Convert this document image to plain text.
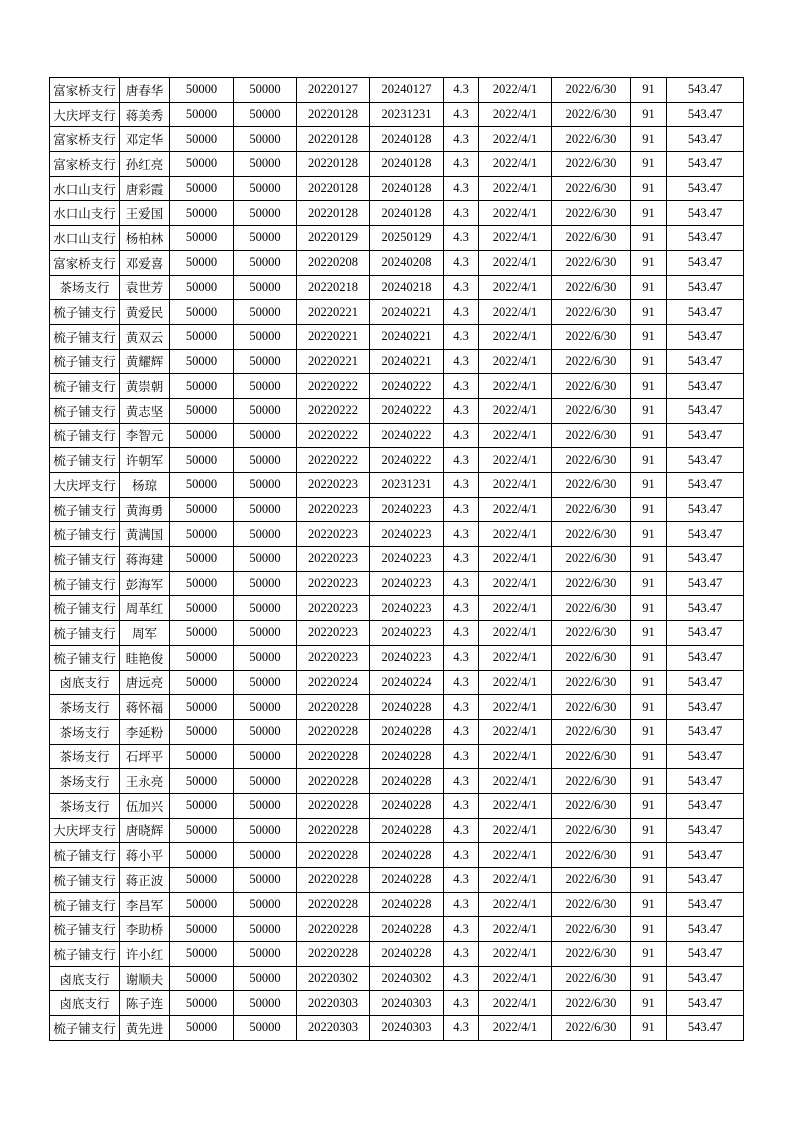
富家桥支行	唐春华	50000	50000	20220127	20240127	4.3	2022/4/1	2022/6/30	91	543.47
大庆坪支行	蒋美秀	50000	50000	20220128	20231231	4.3	2022/4/1	2022/6/30	91	543.47
富家桥支行	邓定华	50000	50000	20220128	20240128	4.3	2022/4/1	2022/6/30	91	543.47
富家桥支行	孙红亮	50000	50000	20220128	20240128	4.3	2022/4/1	2022/6/30	91	543.47
水口山支行	唐彩霞	50000	50000	20220128	20240128	4.3	2022/4/1	2022/6/30	91	543.47
水口山支行	王爱国	50000	50000	20220128	20240128	4.3	2022/4/1	2022/6/30	91	543.47
水口山支行	杨柏林	50000	50000	20220129	20250129	4.3	2022/4/1	2022/6/30	91	543.47
富家桥支行	邓爱喜	50000	50000	20220208	20240208	4.3	2022/4/1	2022/6/30	91	543.47
茶场支行	袁世芳	50000	50000	20220218	20240218	4.3	2022/4/1	2022/6/30	91	543.47
梳子铺支行	黄爱民	50000	50000	20220221	20240221	4.3	2022/4/1	2022/6/30	91	543.47
梳子铺支行	黄双云	50000	50000	20220221	20240221	4.3	2022/4/1	2022/6/30	91	543.47
梳子铺支行	黄耀辉	50000	50000	20220221	20240221	4.3	2022/4/1	2022/6/30	91	543.47
梳子铺支行	黄崇朝	50000	50000	20220222	20240222	4.3	2022/4/1	2022/6/30	91	543.47
梳子铺支行	黄志坚	50000	50000	20220222	20240222	4.3	2022/4/1	2022/6/30	91	543.47
梳子铺支行	李智元	50000	50000	20220222	20240222	4.3	2022/4/1	2022/6/30	91	543.47
梳子铺支行	许朝军	50000	50000	20220222	20240222	4.3	2022/4/1	2022/6/30	91	543.47
大庆坪支行	杨琼	50000	50000	20220223	20231231	4.3	2022/4/1	2022/6/30	91	543.47
梳子铺支行	黄海勇	50000	50000	20220223	20240223	4.3	2022/4/1	2022/6/30	91	543.47
梳子铺支行	黄满国	50000	50000	20220223	20240223	4.3	2022/4/1	2022/6/30	91	543.47
梳子铺支行	蒋海建	50000	50000	20220223	20240223	4.3	2022/4/1	2022/6/30	91	543.47
梳子铺支行	彭海军	50000	50000	20220223	20240223	4.3	2022/4/1	2022/6/30	91	543.47
梳子铺支行	周革红	50000	50000	20220223	20240223	4.3	2022/4/1	2022/6/30	91	543.47
梳子铺支行	周军	50000	50000	20220223	20240223	4.3	2022/4/1	2022/6/30	91	543.47
梳子铺支行	眭艳俊	50000	50000	20220223	20240223	4.3	2022/4/1	2022/6/30	91	543.47
卤底支行	唐远亮	50000	50000	20220224	20240224	4.3	2022/4/1	2022/6/30	91	543.47
茶场支行	蒋怀福	50000	50000	20220228	20240228	4.3	2022/4/1	2022/6/30	91	543.47
茶场支行	李延粉	50000	50000	20220228	20240228	4.3	2022/4/1	2022/6/30	91	543.47
茶场支行	石坪平	50000	50000	20220228	20240228	4.3	2022/4/1	2022/6/30	91	543.47
茶场支行	王永亮	50000	50000	20220228	20240228	4.3	2022/4/1	2022/6/30	91	543.47
茶场支行	伍加兴	50000	50000	20220228	20240228	4.3	2022/4/1	2022/6/30	91	543.47
大庆坪支行	唐晓辉	50000	50000	20220228	20240228	4.3	2022/4/1	2022/6/30	91	543.47
梳子铺支行	蒋小平	50000	50000	20220228	20240228	4.3	2022/4/1	2022/6/30	91	543.47
梳子铺支行	蒋正波	50000	50000	20220228	20240228	4.3	2022/4/1	2022/6/30	91	543.47
梳子铺支行	李昌军	50000	50000	20220228	20240228	4.3	2022/4/1	2022/6/30	91	543.47
梳子铺支行	李助桥	50000	50000	20220228	20240228	4.3	2022/4/1	2022/6/30	91	543.47
梳子铺支行	许小红	50000	50000	20220228	20240228	4.3	2022/4/1	2022/6/30	91	543.47
卤底支行	谢顺夫	50000	50000	20220302	20240302	4.3	2022/4/1	2022/6/30	91	543.47
卤底支行	陈子连	50000	50000	20220303	20240303	4.3	2022/4/1	2022/6/30	91	543.47
梳子铺支行	黄先进	50000	50000	20220303	20240303	4.3	2022/4/1	2022/6/30	91	543.47
